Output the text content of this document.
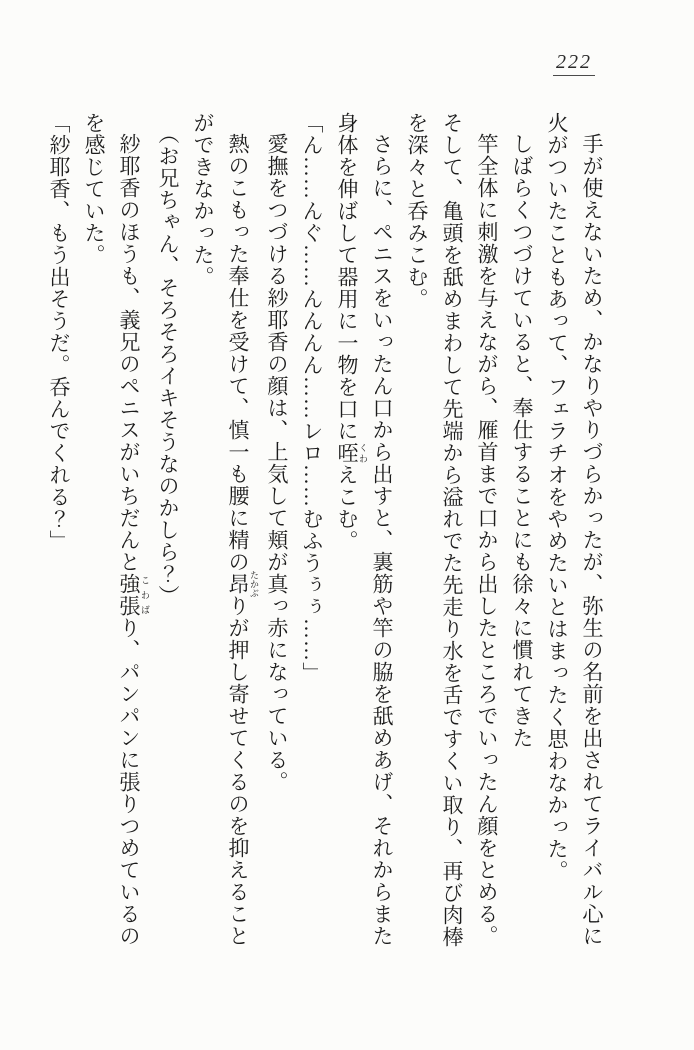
222

手が使えないため、かなりやりづらかったが、弥生の名前を出されてライバル心に火がついたこともあって、フェラチオをやめたいとはまったく思わなかった。

しばらくつづけていると、奉仕することにも徐々に慣れてきた

竿全体に刺激を与えながら、雁首まで口から出したところでいったん顔をとめる。そして、亀頭を舐めまわして先端から溢れでた先走り水を舌ですくい取り、再び肉棒を深々と呑みこむ。

さらに、ペニスをいったん口から出すと、裏筋や竿の脇を舐めあげ、それからまた身体を伸ばして器用に一物を口に咥 くわえこむ。

「ん……んぐ……んんんん……レロ……むふうぅぅ……」

愛撫をつづける紗耶香の顔は、上気して頬が真っ赤になっている。

熱のこもった奉仕を受けて、慎一も腰に精の昂 たかぶりが押し寄せてくるのを抑えることができなかった。

（お兄ちゃん、そろそろイキそうなのかしら？）

紗耶香のほうも、義兄のペニスがいちだんと強張 こわばり、パンパンに張りつめているのを感じていた。

「紗耶香、もう出そうだ。呑んでくれる？」
